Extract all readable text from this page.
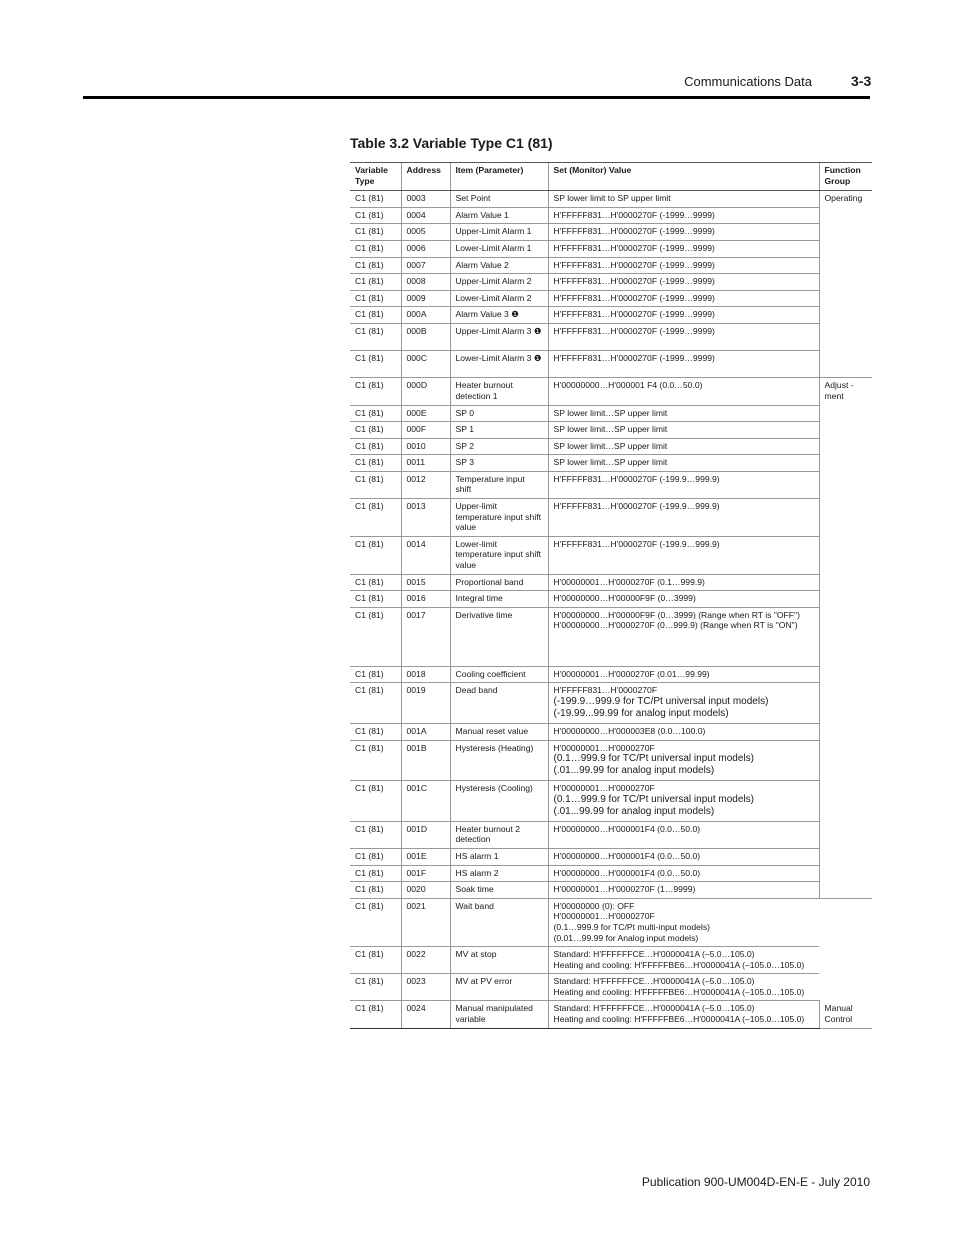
Communications Data	3-3
Table 3.2 Variable Type C1 (81)
Variable Type	Address	Item (Parameter)	Set (Monitor) Value	Function Group
C1 (81)	0003	Set Point	SP lower limit to SP upper limit	Operating
C1 (81)	0004	Alarm Value 1	H'FFFFF831…H'0000270F (-1999…9999)	

C1 (81)	0005	Upper-Limit Alarm 1	H'FFFFF831…H'0000270F (-1999…9999)	

C1 (81)	0006	Lower-Limit Alarm 1	H'FFFFF831…H'0000270F (-1999…9999)	

C1 (81)	0007	Alarm Value 2	H'FFFFF831…H'0000270F (-1999…9999)	

C1 (81)	0008	Upper-Limit Alarm 2	H'FFFFF831…H'0000270F (-1999…9999)	

C1 (81)	0009	Lower-Limit Alarm 2	H'FFFFF831…H'0000270F (-1999…9999)	

C1 (81)	000A	Alarm Value 3 ❶	H'FFFFF831…H'0000270F (-1999…9999)	

C1 (81)	000B	Upper-Limit Alarm 3 ❶	H'FFFFF831…H'0000270F (-1999…9999)	

C1 (81)	000C	Lower-Limit Alarm 3 ❶	H'FFFFF831…H'0000270F (-1999…9999)	

C1 (81)	000D	Heater burnout detection 1	H'00000000…H'000001 F4 (0.0…50.0)	Adjust -ment
C1 (81)	000E	SP 0	SP lower limit…SP upper limit	

C1 (81)	000F	SP 1	SP lower limit…SP upper limit	

C1 (81)	0010	SP 2	SP lower limit…SP upper limit	

C1 (81)	0011	SP 3	SP lower limit…SP upper limit	

C1 (81)	0012	Temperature input shift	H'FFFFF831…H'0000270F (-199.9…999.9)	

C1 (81)	0013	Upper-limit temperature input shift value	H'FFFFF831…H'0000270F (-199.9…999.9)	

C1 (81)	0014	Lower-limit temperature input shift value	H'FFFFF831…H'0000270F (-199.9…999.9)	

C1 (81)	0015	Proportional band	H'00000001…H'0000270F (0.1…999.9)	

C1 (81)	0016	Integral time	H'00000000…H'00000F9F (0…3999)	

C1 (81)	0017	Derivative time	H'00000000…H'00000F9F (0…3999) (Range when RT is "OFF")
H'00000000…H'0000270F (0…999.9) (Range when RT is "ON")	

C1 (81)	0018	Cooling coefficient	H'00000001…H'0000270F (0.01…99.99)	

C1 (81)	0019	Dead band	H'FFFFF831…H'0000270F
(-199.9…999.9 for TC/Pt universal input models)
(-19.99...99.99 for analog input models)	

C1 (81)	001A	Manual reset value	H'00000000…H'000003E8 (0.0…100.0)	

C1 (81)	001B	Hysteresis (Heating)	H'00000001…H'0000270F
(0.1…999.9 for TC/Pt universal input models)
(.01...99.99 for analog input models)	

C1 (81)	001C	Hysteresis (Cooling)	H'00000001…H'0000270F
(0.1…999.9 for TC/Pt universal input models)
(.01...99.99 for analog input models)	

C1 (81)	001D	Heater burnout 2 detection	H'00000000…H'000001F4 (0.0…50.0)	

C1 (81)	001E	HS alarm 1	H'00000000…H'000001F4 (0.0…50.0)	

C1 (81)	001F	HS alarm 2	H'00000000…H'000001F4 (0.0…50.0)	

C1 (81)	0020	Soak time	H'00000001…H'0000270F (1…9999)	

C1 (81)	0021	Wait band	H'00000000 (0): OFF
H'00000001…H'0000270F
(0.1…999.9 for TC/Pt multi-input models)
(0.01…99.99 for Analog input models)	

C1 (81)	0022	MV at stop	Standard: H'FFFFFFCE…H'0000041A (–5.0…105.0)
Heating and cooling: H'FFFFFBE6…H'0000041A (–105.0…105.0)	

C1 (81)	0023	MV at PV error	Standard: H'FFFFFFCE…H'0000041A (–5.0…105.0)
Heating and cooling: H'FFFFFBE6…H'0000041A (–105.0…105.0)	

C1 (81)	0024	Manual manipulated variable	Standard: H'FFFFFFCE…H'0000041A (–5.0…105.0)
Heating and cooling: H'FFFFFBE6…H'0000041A (–105.0…105.0)	Manual Control
Publication 900-UM004D-EN-E - July 2010
